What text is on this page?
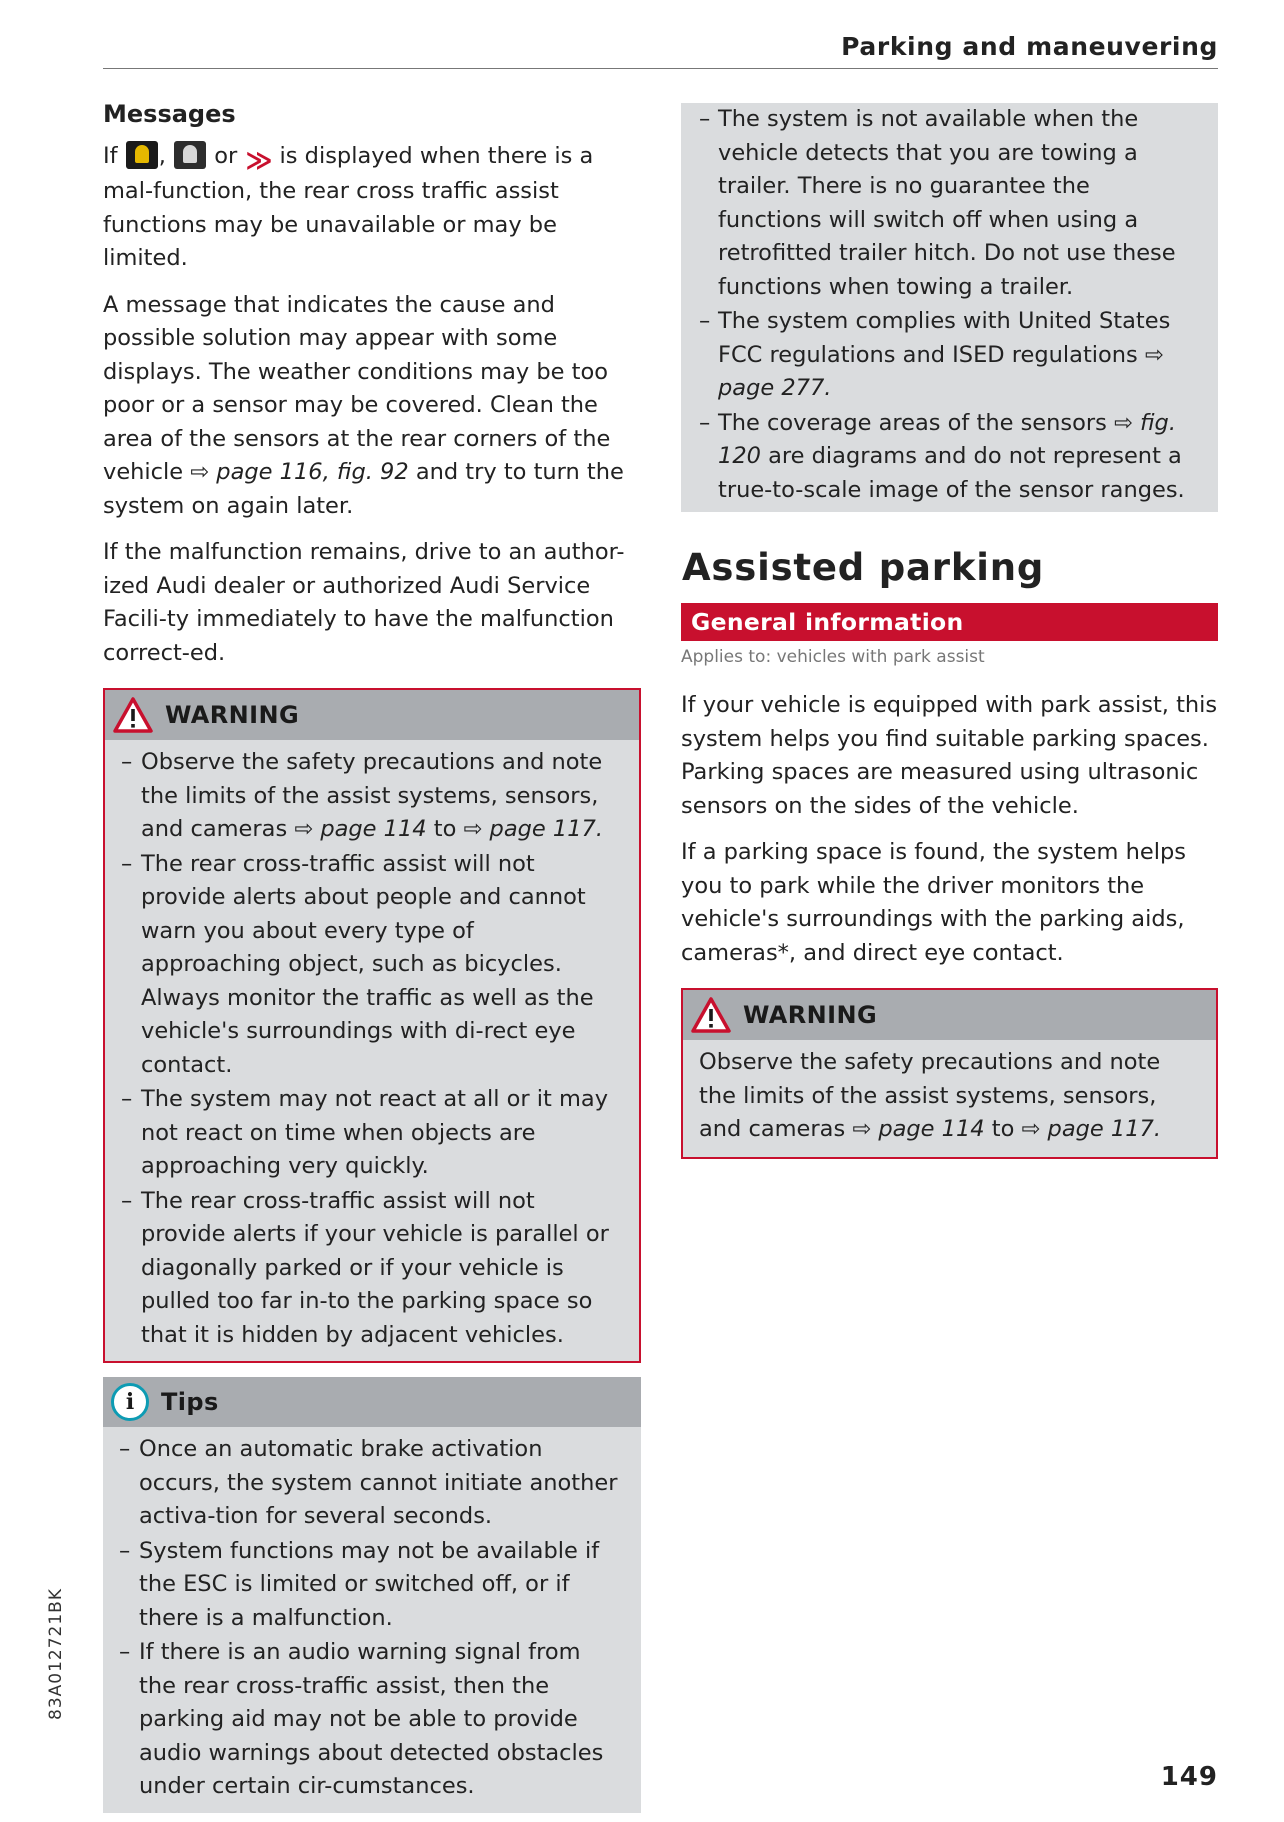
Parking and maneuvering
Messages

If ,  or ≫ is displayed when there is a mal-function, the rear cross traffic assist functions may be unavailable or may be limited.

A message that indicates the cause and possible solution may appear with some displays. The weather conditions may be too poor or a sensor may be covered. Clean the area of the sensors at the rear corners of the vehicle ⇨ page 116, fig. 92 and try to turn the system on again later.

If the malfunction remains, drive to an author-ized Audi dealer or authorized Audi Service Facili-ty immediately to have the malfunction correct-ed.

WARNING
– Observe the safety precautions and note the limits of the assist systems, sensors, and cameras ⇨ page 114 to ⇨ page 117.
– The rear cross-traffic assist will not provide alerts about people and cannot warn you about every type of approaching object, such as bicycles. Always monitor the traffic as well as the vehicle's surroundings with di-rect eye contact.
– The system may not react at all or it may not react on time when objects are approaching very quickly.
– The rear cross-traffic assist will not provide alerts if your vehicle is parallel or diagonally parked or if your vehicle is pulled too far in-to the parking space so that it is hidden by adjacent vehicles.
i	Tips
– Once an automatic brake activation occurs, the system cannot initiate another activa-tion for several seconds.
– System functions may not be available if the ESC is limited or switched off, or if there is a malfunction.
– If there is an audio warning signal from the rear cross-traffic assist, then the parking aid may not be able to provide audio warnings about detected obstacles under certain cir-cumstances.
– The system is not available when the vehicle detects that you are towing a trailer. There is no guarantee the functions will switch off when using a retrofitted trailer hitch. Do not use these functions when towing a trailer.
– The system complies with United States FCC regulations and ISED regulations ⇨ page 277.
– The coverage areas of the sensors ⇨ fig. 120 are diagrams and do not represent a true-to-scale image of the sensor ranges.
Assisted parking
General information
Applies to: vehicles with park assist

If your vehicle is equipped with park assist, this system helps you find suitable parking spaces. Parking spaces are measured using ultrasonic sensors on the sides of the vehicle.

If a parking space is found, the system helps you to park while the driver monitors the vehicle's surroundings with the parking aids, cameras*, and direct eye contact.

WARNING
Observe the safety precautions and note the limits of the assist systems, sensors, and cameras ⇨ page 114 to ⇨ page 117.
83A012721BK
149
